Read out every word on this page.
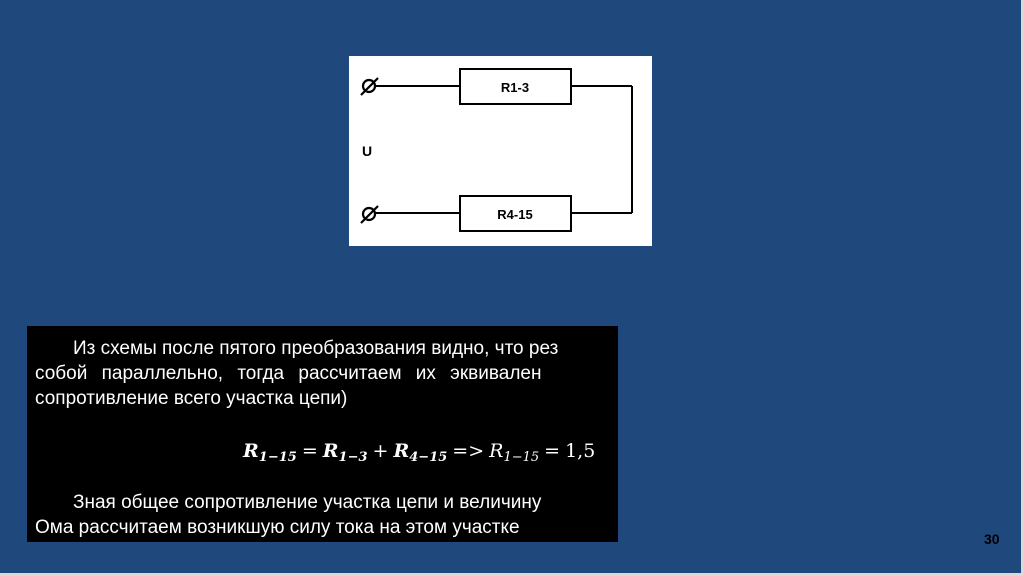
R1-3
R4-15
U
Из схемы после пятого преобразования видно, что рез
собой параллельно, тогда рассчитаем их эквивален
сопротивление всего участка цепи)
$R_{1-15} = R_{1-3} + R_{4-15} => R_{1-15} = 1,5$
Зная общее сопротивление участка цепи и величину
Ома рассчитаем возникшую силу тока на этом участке
30
